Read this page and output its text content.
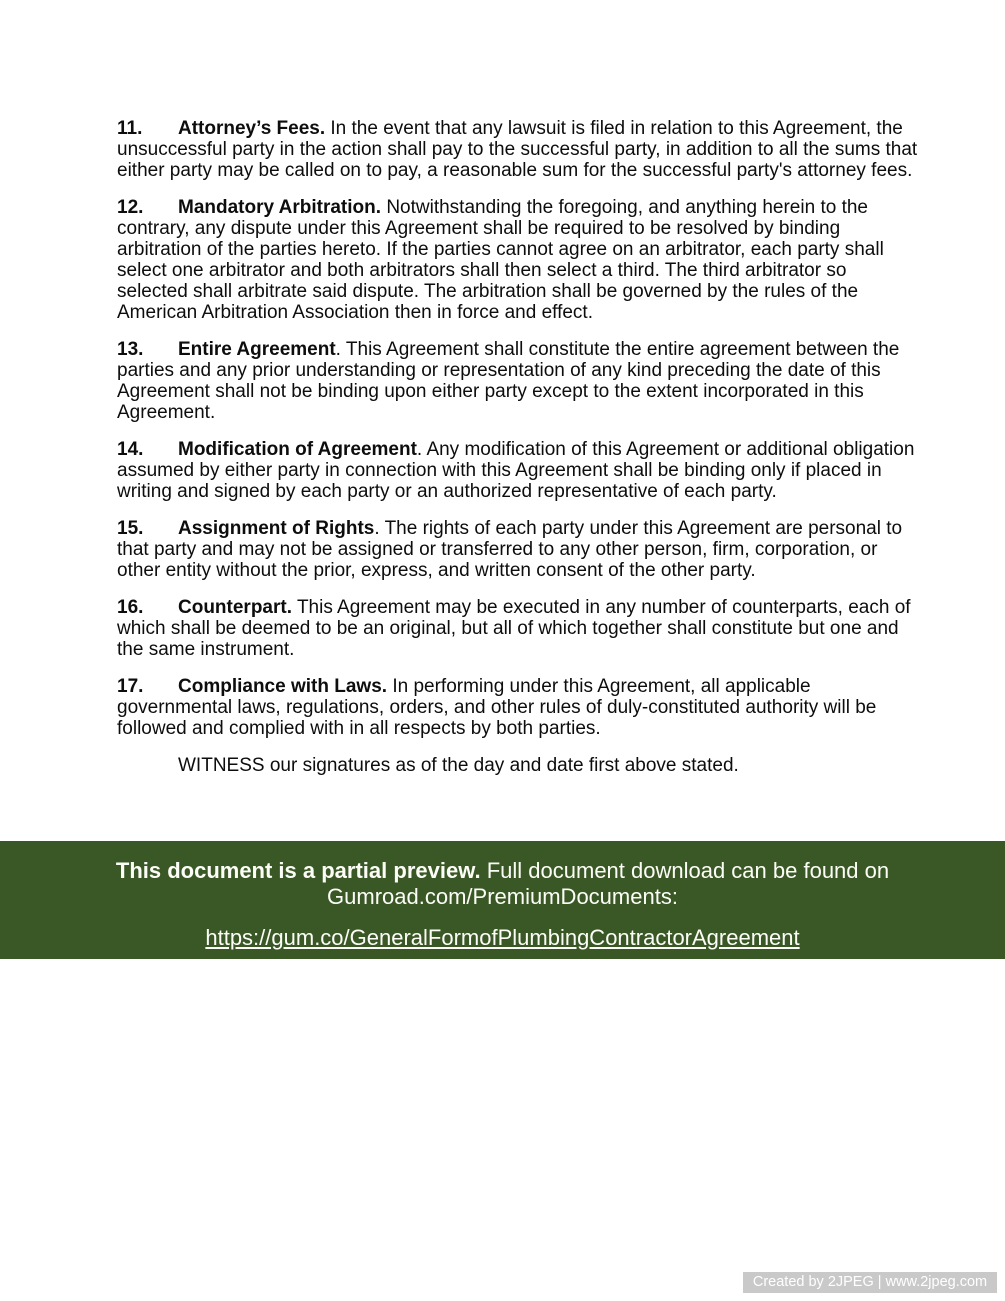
11. Attorney’s Fees. In the event that any lawsuit is filed in relation to this Agreement, the unsuccessful party in the action shall pay to the successful party, in addition to all the sums that either party may be called on to pay, a reasonable sum for the successful party's attorney fees.

12. Mandatory Arbitration. Notwithstanding the foregoing, and anything herein to the contrary, any dispute under this Agreement shall be required to be resolved by binding arbitration of the parties hereto. If the parties cannot agree on an arbitrator, each party shall select one arbitrator and both arbitrators shall then select a third. The third arbitrator so selected shall arbitrate said dispute. The arbitration shall be governed by the rules of the American Arbitration Association then in force and effect.

13. Entire Agreement. This Agreement shall constitute the entire agreement between the parties and any prior understanding or representation of any kind preceding the date of this Agreement shall not be binding upon either party except to the extent incorporated in this Agreement.

14. Modification of Agreement. Any modification of this Agreement or additional obligation assumed by either party in connection with this Agreement shall be binding only if placed in writing and signed by each party or an authorized representative of each party.

15. Assignment of Rights. The rights of each party under this Agreement are personal to that party and may not be assigned or transferred to any other person, firm, corporation, or other entity without the prior, express, and written consent of the other party.

16. Counterpart. This Agreement may be executed in any number of counterparts, each of which shall be deemed to be an original, but all of which together shall constitute but one and the same instrument.

17. Compliance with Laws. In performing under this Agreement, all applicable governmental laws, regulations, orders, and other rules of duly-constituted authority will be followed and complied with in all respects by both parties.

WITNESS our signatures as of the day and date first above stated.

This document is a partial preview. Full document download can be found on
Gumroad.com/PremiumDocuments:
https://gum.co/GeneralFormofPlumbingContractorAgreement
Created by 2JPEG | www.2jpeg.com
